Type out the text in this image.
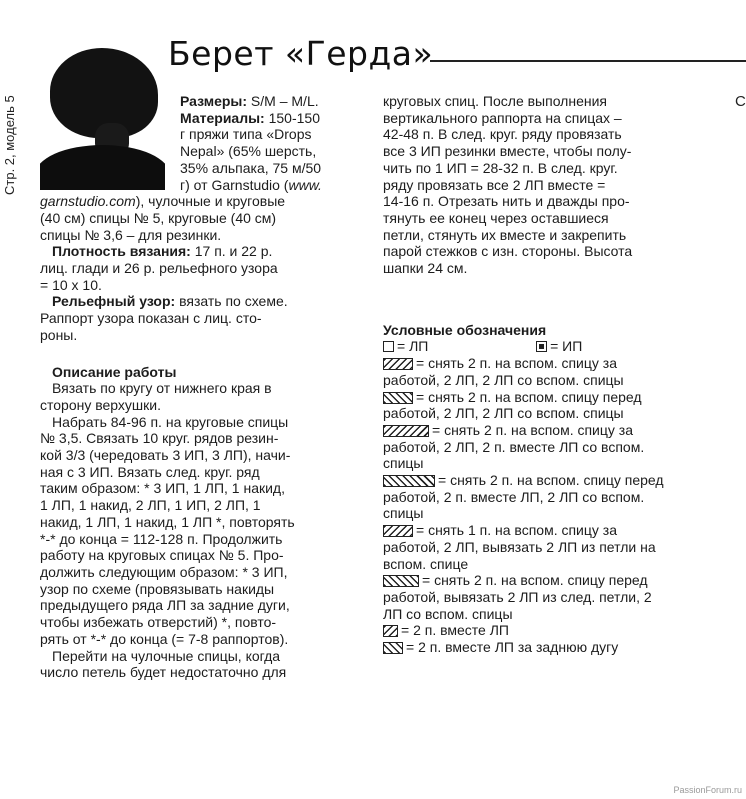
Стр. 2, модель 5
Берет «Герда»
Размеры: S/M – M/L.
Материалы: 150-150
г пряжи типа «Drops
Nepal» (65% шерсть,
35% альпака, 75 м/50
г) от Garnstudio (www.
garnstudio.com), чулочные и круговые
(40 см) спицы № 5, круговые (40 см)
спицы № 3,6 – для резинки.
Плотность вязания: 17 п. и 22 р.
лиц. глади и 26 р. рельефного узора
= 10 х 10.
Рельефный узор: вязать по схеме.
Раппорт узора показан с лиц. сто-
роны.
Описание работы
Вязать по кругу от нижнего края в
сторону верхушки.
Набрать 84-96 п. на круговые спицы
№ 3,5. Связать 10 круг. рядов резин-
кой 3/3 (чередовать 3 ИП, 3 ЛП), начи-
ная с 3 ИП. Вязать след. круг. ряд
таким образом: * 3 ИП, 1 ЛП, 1 накид,
1 ЛП, 1 накид, 2 ЛП, 1 ИП, 2 ЛП, 1
накид, 1 ЛП, 1 накид, 1 ЛП *, повторять
*-* до конца = 112-128 п. Продолжить
работу на круговых спицах № 5. Про-
должить следующим образом: * 3 ИП,
узор по схеме (провязывать накиды
предыдущего ряда ЛП за задние дуги,
чтобы избежать отверстий) *, повто-
рять от *-* до конца (= 7-8 раппортов).
Перейти на чулочные спицы, когда
число петель будет недостаточно для
круговых спиц. После выполнения
вертикального раппорта на спицах –
42-48 п. В след. круг. ряду провязать
все 3 ИП резинки вместе, чтобы полу-
чить по 1 ИП = 28-32 п. В след. круг.
ряду провязать все 2 ЛП вместе =
14-16 п. Отрезать нить и дважды про-
тянуть ее конец через оставшиеся
петли, стянуть их вместе и закрепить
парой стежков с изн. стороны. Высота
шапки 24 см.
Условные обозначения
= ЛП	= ИП
= снять 2 п. на вспом. спицу за
работой, 2 ЛП, 2 ЛП со вспом. спицы
= снять 2 п. на вспом. спицу перед
работой, 2 ЛП, 2 ЛП со вспом. спицы
= снять 2 п. на вспом. спицу за
работой, 2 ЛП, 2 п. вместе ЛП со вспом.
спицы
= снять 2 п. на вспом. спицу перед
работой, 2 п. вместе ЛП, 2 ЛП со вспом.
спицы
= снять 1 п. на вспом. спицу за
работой, 2 ЛП, вывязать 2 ЛП из петли на
вспом. спице
= снять 2 п. на вспом. спицу перед
работой, вывязать 2 ЛП из след. петли, 2
ЛП со вспом. спицы
= 2 п. вместе ЛП
= 2 п. вместе ЛП за заднюю дугу
С
PassionForum.ru
